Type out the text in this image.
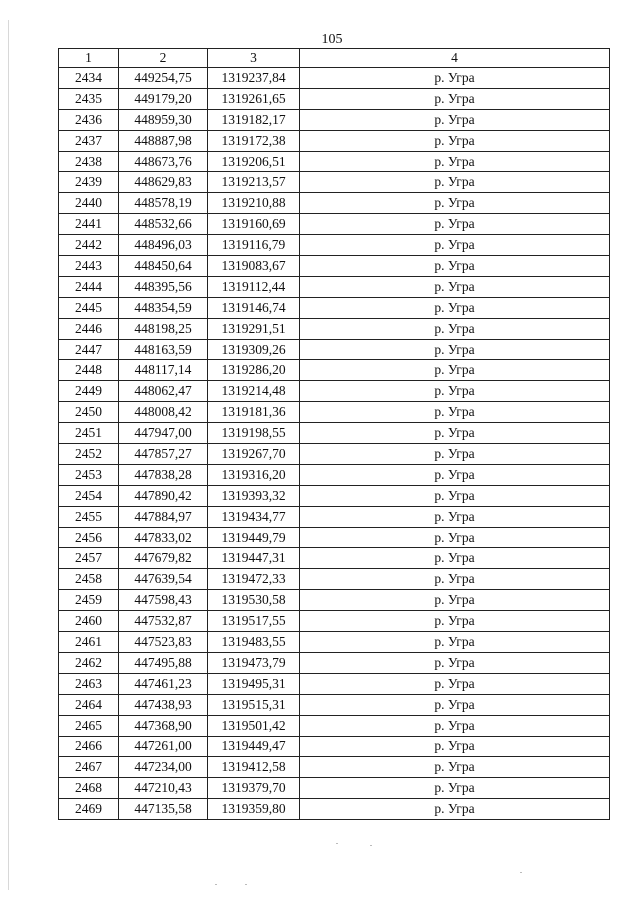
105
1	2	3	4
2434	449254,75	1319237,84	р. Угра
2435	449179,20	1319261,65	р. Угра
2436	448959,30	1319182,17	р. Угра
2437	448887,98	1319172,38	р. Угра
2438	448673,76	1319206,51	р. Угра
2439	448629,83	1319213,57	р. Угра
2440	448578,19	1319210,88	р. Угра
2441	448532,66	1319160,69	р. Угра
2442	448496,03	1319116,79	р. Угра
2443	448450,64	1319083,67	р. Угра
2444	448395,56	1319112,44	р. Угра
2445	448354,59	1319146,74	р. Угра
2446	448198,25	1319291,51	р. Угра
2447	448163,59	1319309,26	р. Угра
2448	448117,14	1319286,20	р. Угра
2449	448062,47	1319214,48	р. Угра
2450	448008,42	1319181,36	р. Угра
2451	447947,00	1319198,55	р. Угра
2452	447857,27	1319267,70	р. Угра
2453	447838,28	1319316,20	р. Угра
2454	447890,42	1319393,32	р. Угра
2455	447884,97	1319434,77	р. Угра
2456	447833,02	1319449,79	р. Угра
2457	447679,82	1319447,31	р. Угра
2458	447639,54	1319472,33	р. Угра
2459	447598,43	1319530,58	р. Угра
2460	447532,87	1319517,55	р. Угра
2461	447523,83	1319483,55	р. Угра
2462	447495,88	1319473,79	р. Угра
2463	447461,23	1319495,31	р. Угра
2464	447438,93	1319515,31	р. Угра
2465	447368,90	1319501,42	р. Угра
2466	447261,00	1319449,47	р. Угра
2467	447234,00	1319412,58	р. Угра
2468	447210,43	1319379,70	р. Угра
2469	447135,58	1319359,80	р. Угра
